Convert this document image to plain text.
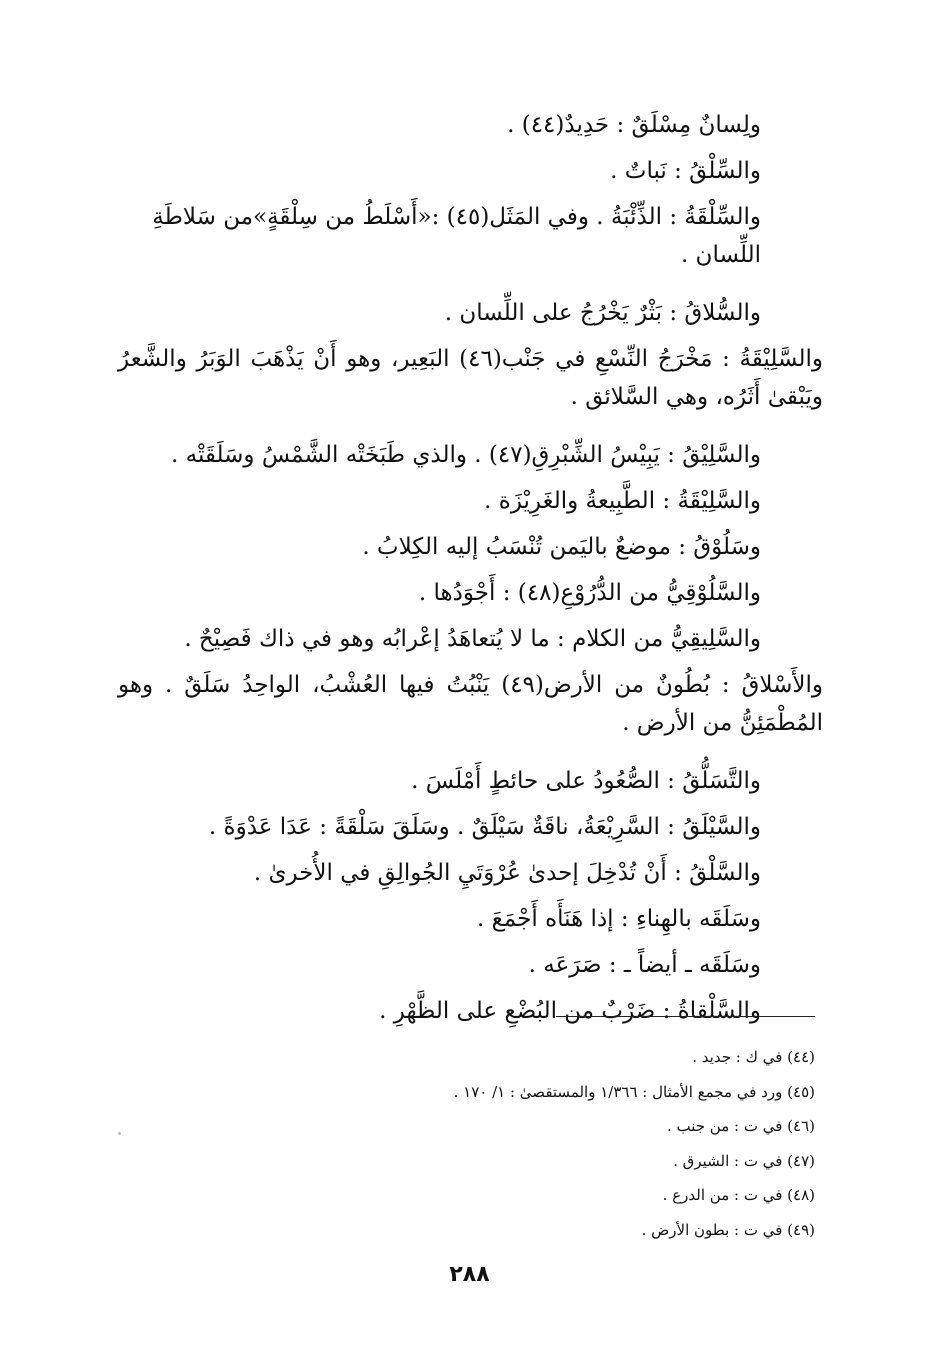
ولِسانٌ مِسْلَقٌ : حَدِيدٌ(٤٤) .

والسِّلْقُ : نَباتٌ .

والسِّلْقَةُ : الذِّئْبَةُ . وفي المَثَل(٤٥) :«أَسْلَطُ من سِلْقَةٍ»من سَلاطَةِ اللِّسان .

والسُّلاقُ : بَثْرٌ يَخْرُجُ على اللِّسان .

والسَّلِيْقَةُ : مَخْرَجُ النِّسْعِ في جَنْب(٤٦) البَعِير، وهو أَنْ يَذْهَبَ الوَبَرُ والشَّعرُ ويَبْقىٰ أَثَرُه، وهي السَّلائق .

والسَّلِيْقُ : يَبِيْسُ الشِّبْرِقِ(٤٧) . والذي طَبَخَتْه الشَّمْسُ وسَلَقَتْه .

والسَّلِيْقَةُ : الطَّبِيعةُ والغَرِيْزَة .

وسَلُوْقُ : موضعٌ باليَمن تُنْسَبُ إليه الكِلابُ .

والسَّلُوْقِيُّ من الدُّرُوْعِ(٤٨) : أَجْوَدُها .

والسَّلِيقِيُّ من الكلام : ما لا يُتعاهَدُ إعْرابُه وهو في ذاك فَصِيْحٌ .

والأَسْلاقُ : بُطُونٌ من الأرض(٤٩) يَنْبُتُ فيها العُشْبُ، الواحِدُ سَلَقٌ . وهو المُطْمَئِنُّ من الأرض .

والتَّسَلُّقُ : الصُّعُودُ على حائطٍ أَمْلَسَ .

والسَّيْلَقُ : السَّرِيْعَةُ، ناقَةٌ سَيْلَقٌ . وسَلَقَ سَلْقَةً : عَدَا عَدْوَةً .

والسَّلْقُ : أَنْ تُدْخِلَ إحدىٰ عُرْوَتَيِ الجُوالِقِ في الأُخرىٰ .

وسَلَقَه بالهِناءِ : إذا هَنَأَه أَجْمَعَ .

وسَلَقَه ـ أيضاً ـ : صَرَعَه .

والسَّلْقاةُ : ضَرْبٌ من البُضْعِ على الظَّهْرِ .

(٤٤) في ك : جديد .

(٤٥) ورد في مجمع الأمثال : ١/٣٦٦ والمستقصىٰ : ١/ ١٧٠ .

(٤٦) في ت : من جنب .

(٤٧) في ت : الشيرق .

(٤٨) في ت : من الدرع .

(٤٩) في ت : بطون الأرض .

٢٨٨
